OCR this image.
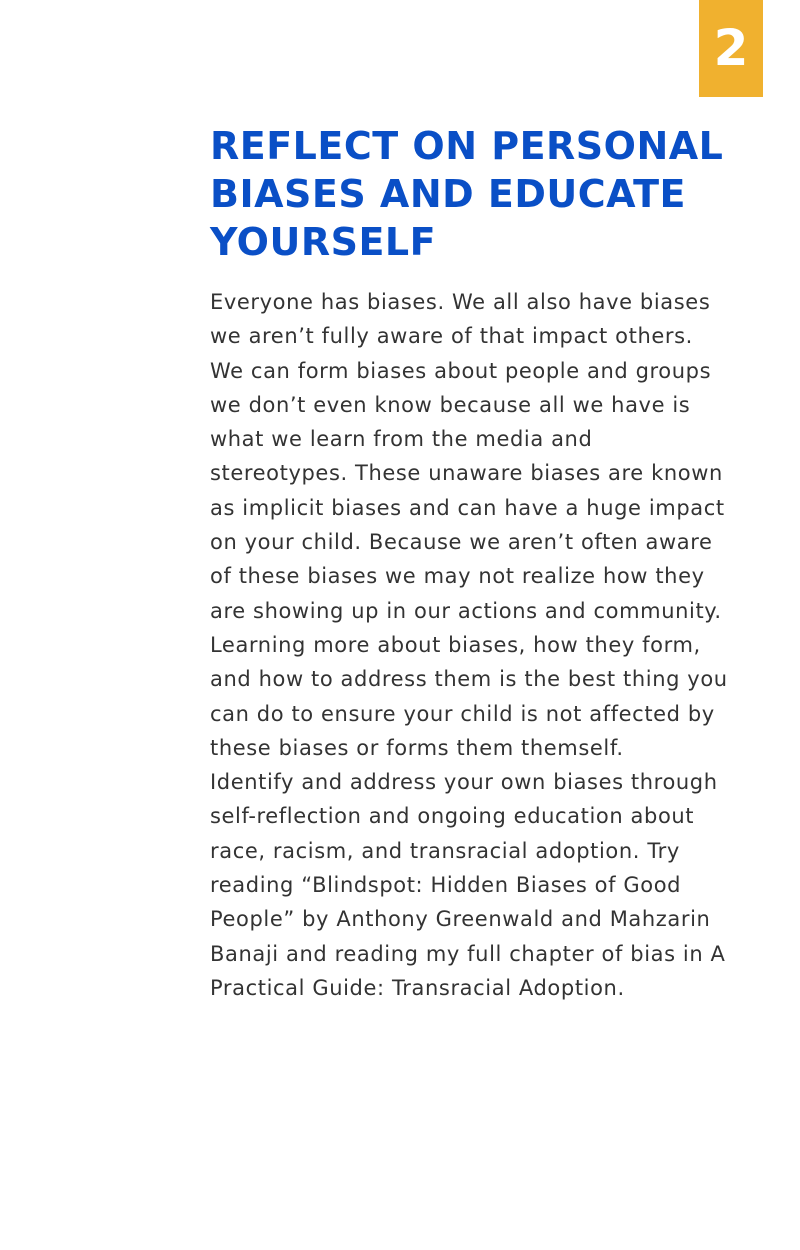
2
REFLECT ON PERSONAL BIASES AND EDUCATE YOURSELF

Everyone has biases. We all also have biases we aren’t fully aware of that impact others. We can form biases about people and groups we don’t even know because all we have is what we learn from the media and stereotypes. These unaware biases are known as implicit biases and can have a huge impact on your child. Because we aren’t often aware of these biases we may not realize how they are showing up in our actions and community. Learning more about biases, how they form, and how to address them is the best thing you can do to ensure your child is not affected by these biases or forms them themself.

Identify and address your own biases through self-reflection and ongoing education about race, racism, and transracial adoption. Try reading “Blindspot: Hidden Biases of Good People” by Anthony Greenwald and Mahzarin Banaji and reading my full chapter of bias in A Practical Guide: Transracial Adoption.
